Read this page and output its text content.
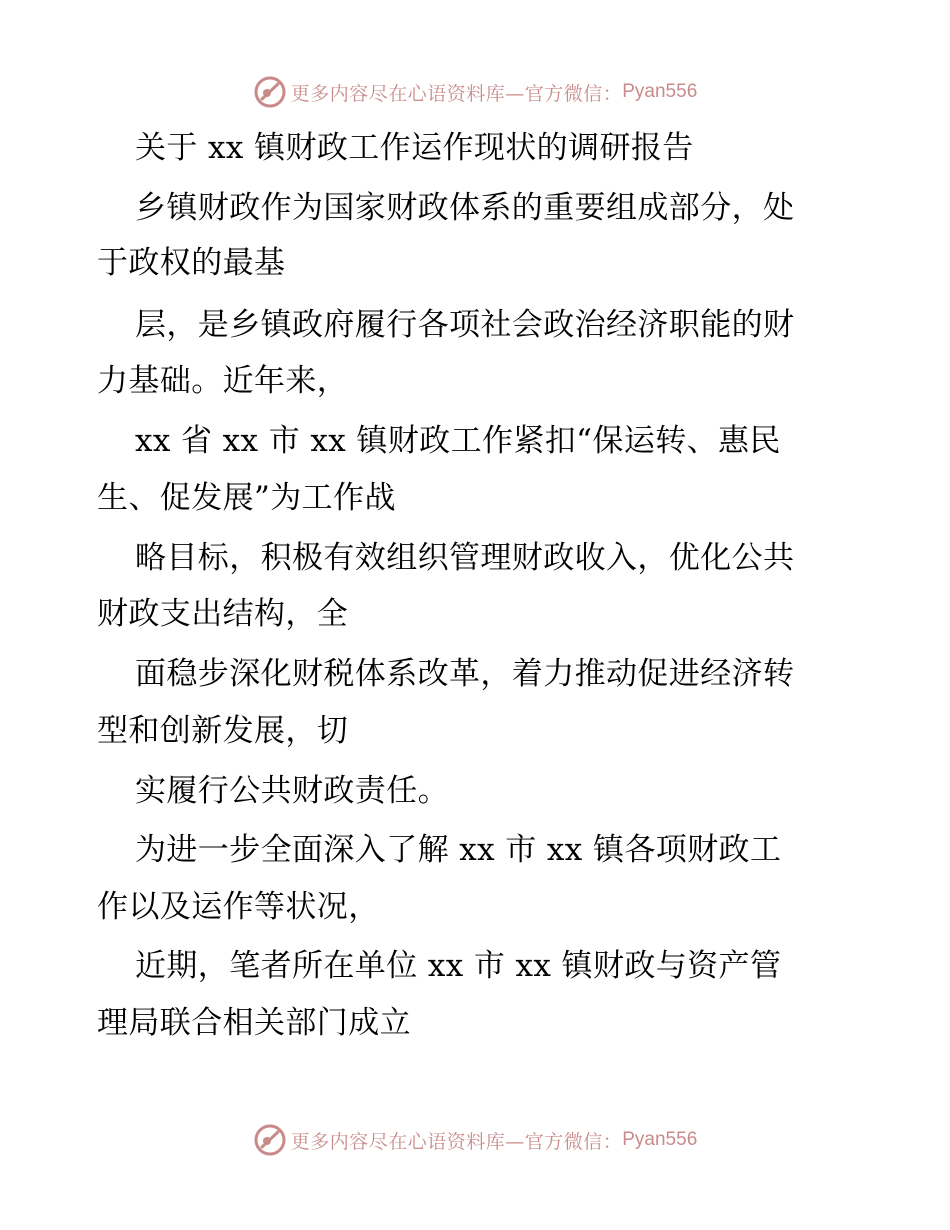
更多内容尽在心语资料库—官方微信： Pyan556
关于 xx 镇财政工作运作现状的调研报告
乡镇财政作为国家财政体系的重要组成部分，处
于政权的最基
层，是乡镇政府履行各项社会政治经济职能的财
力基础。近年来，
xx 省 xx 市 xx 镇财政工作紧扣“保运转、惠民
生、促发展”为工作战
略目标，积极有效组织管理财政收入，优化公共
财政支出结构，全
面稳步深化财税体系改革，着力推动促进经济转
型和创新发展，切
实履行公共财政责任。
为进一步全面深入了解 xx 市 xx 镇各项财政工
作以及运作等状况，
近期，笔者所在单位 xx 市 xx 镇财政与资产管
理局联合相关部门成立
更多内容尽在心语资料库—官方微信： Pyan556
